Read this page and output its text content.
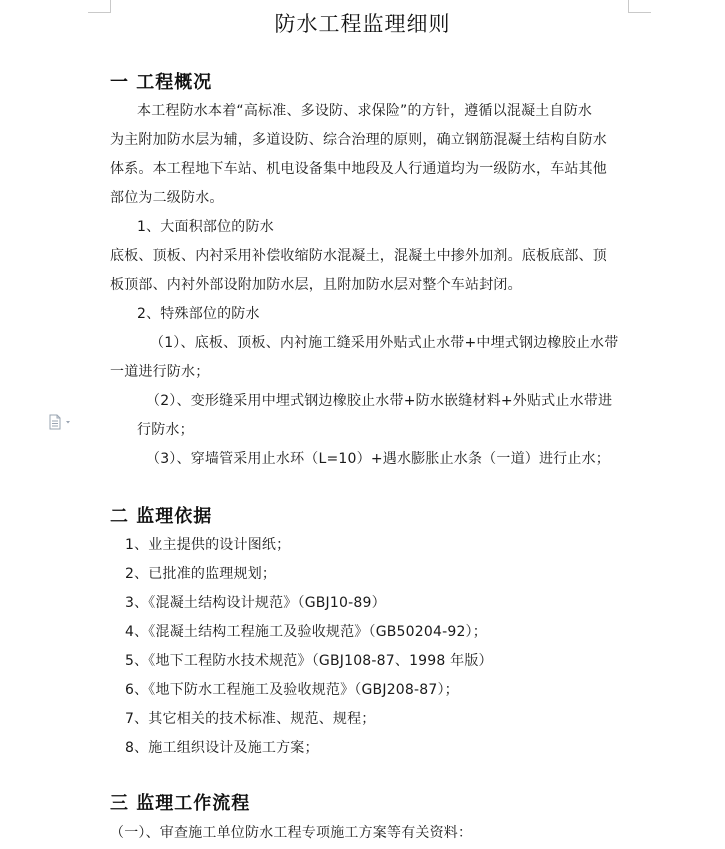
防水工程监理细则
一 工程概况
本工程防水本着“高标准、多设防、求保险”的方针，遵循以混凝土自防水
为主附加防水层为辅，多道设防、综合治理的原则，确立钢筋混凝土结构自防水
体系。本工程地下车站、机电设备集中地段及人行通道均为一级防水，车站其他
部位为二级防水。
1、大面积部位的防水
底板、顶板、内衬采用补偿收缩防水混凝土，混凝土中掺外加剂。底板底部、顶
板顶部、内衬外部设附加防水层，且附加防水层对整个车站封闭。
2、特殊部位的防水
（1）、底板、顶板、内衬施工缝采用外贴式止水带+中埋式钢边橡胶止水带
一道进行防水；
（2）、变形缝采用中埋式钢边橡胶止水带+防水嵌缝材料+外贴式止水带进
行防水；
（3）、穿墙管采用止水环（L=10）+遇水膨胀止水条（一道）进行止水；
二 监理依据
1、业主提供的设计图纸；
2、已批准的监理规划；
3、《混凝土结构设计规范》（GBJ10-89）
4、《混凝土结构工程施工及验收规范》（GB50204-92）；
5、《地下工程防水技术规范》（GBJ108-87、1998 年版）
6、《地下防水工程施工及验收规范》（GBJ208-87）；
7、其它相关的技术标准、规范、规程；
8、施工组织设计及施工方案；
三 监理工作流程
（一）、审查施工单位防水工程专项施工方案等有关资料：
